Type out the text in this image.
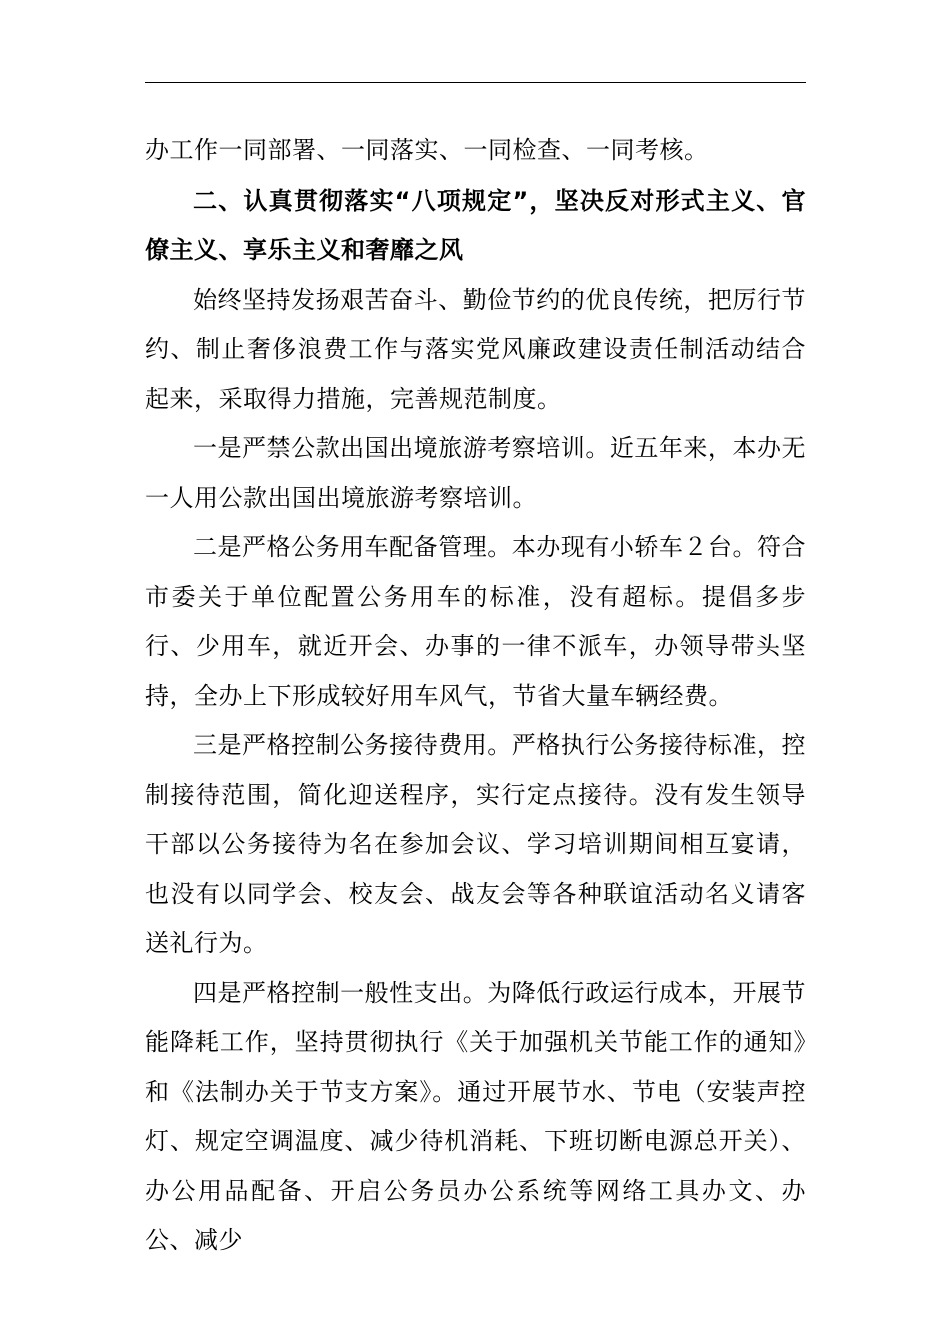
办工作一同部署、一同落实、一同检查、一同考核。

二、认真贯彻落实“八项规定”，坚决反对形式主义、官僚主义、享乐主义和奢靡之风

始终坚持发扬艰苦奋斗、勤俭节约的优良传统，把厉行节约、制止奢侈浪费工作与落实党风廉政建设责任制活动结合起来，采取得力措施，完善规范制度。

一是严禁公款出国出境旅游考察培训。近五年来，本办无一人用公款出国出境旅游考察培训。

二是严格公务用车配备管理。本办现有小轿车２台。符合市委关于单位配置公务用车的标准，没有超标。提倡多步行、少用车，就近开会、办事的一律不派车，办领导带头坚持，全办上下形成较好用车风气，节省大量车辆经费。

三是严格控制公务接待费用。严格执行公务接待标准，控制接待范围，简化迎送程序，实行定点接待。没有发生领导干部以公务接待为名在参加会议、学习培训期间相互宴请，也没有以同学会、校友会、战友会等各种联谊活动名义请客送礼行为。

四是严格控制一般性支出。为降低行政运行成本，开展节能降耗工作，坚持贯彻执行《关于加强机关节能工作的通知》和《法制办关于节支方案》。通过开展节水、节电（安装声控灯、规定空调温度、减少待机消耗、下班切断电源总开关）、办公用品配备、开启公务员办公系统等网络工具办文、办公、减少
